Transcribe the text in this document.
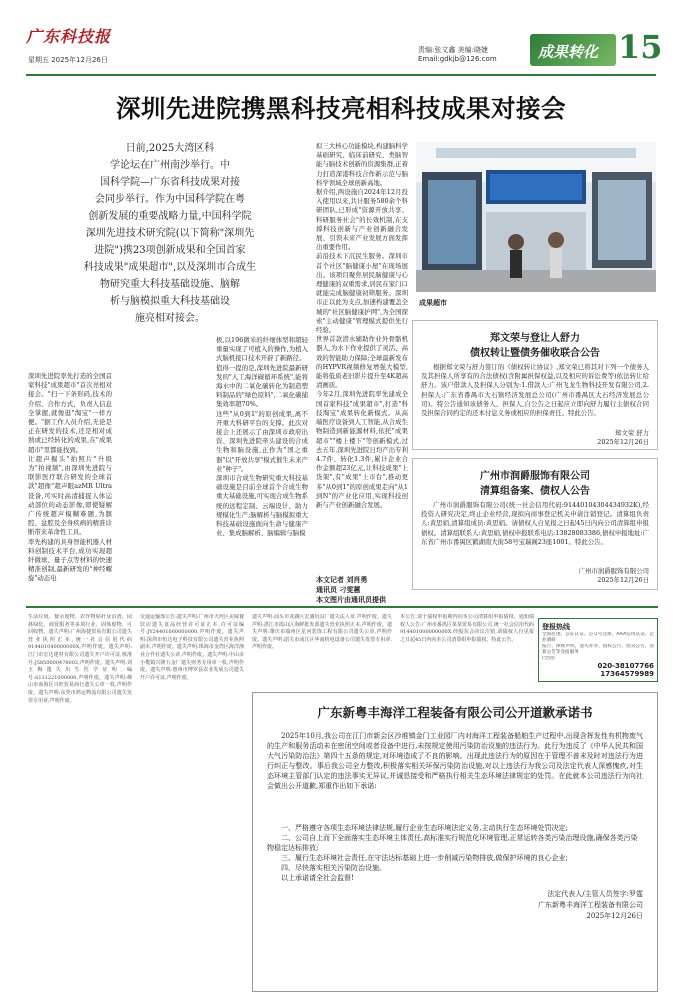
广东科技报
星期五 2025年12月26日
责编:张文鑫 美编:晓婕
Email:gdkjb@126.com	成果转化 15
深圳先进院携黑科技亮相科技成果对接会
日前,2025大湾区科
学论坛在广州南沙举行。中
国科学院—广东省科技成果对接
会同步举行。作为中国科学院在粤
创新发展的重要战略力量,中国科学院
深圳先进技术研究院(以下简称"深圳先
进院")携23项创新成果和全国首家
科技成果"成果超市",以及深圳市合成生
物研究重大科技基础设施、脑解
析与脑模拟重大科技基础设
施亮相对接会。
深圳先进院率先打造的全国首家科技"成果超市"首次亮相对接会。"扫一下条形码,技术的介绍、合作方式、负责人信息全掌握,就像逛"淘宝"一样方便。"据工作人员介绍,无论是正在研发的技术,还是相对成熟或已经转化的成果,在"成果超市"里都能找到。
让超声掘头"拍照片"升级为"拍视频",由深圳先进院与联影医疗联合研发的全球首款"超像"超声眼azMR Ultra设备,可实时高清捕捉人体运动部位的动态影像,即使疑解广传统超声模糊难题,为髌腔、盆腔及全身疾病的精准诊断带来革命性工具。
率先构建的具身智能机器人材料创制技术平台,成功实现超纤微球、量子点等材料的快速精准创制,最新研发的"神经螺旋"动态电
极,以196微米的纤细体型和超轻重量实现了可植入的操作,为植入式脑机接口技术开辟了新路径。
值得一提的是,深圳先进院最新研发的"人工海洋碳循环系统",能将海水中的二氧化碳转化为制造塑料制品的"绿色原料",二氧化碳捕集效率超70%。
这些"从0到1"的原创成果,离不开重大科研平台的支撑。此次对接会上还展示了由深圳市政府出资、深圳先进院牵头建设的合成生物和脑设施,正作为"国之重器"以"开放共享"模式催生未来产业"种子"。
深圳市合成生物研究重大科技基础设施是目前全球首个合成生物重大基础设施,可实现合成生物系统的远程定制、云端设计、助力规模化生产;脑解析与脑模拟重大科技基础设施面向生命与健康产业、集成脑解析、脑编辑与脑模
拟三大核心功能模块,构建脑科学基础研究、临床前研究、类脑智能与脑技术创新的资源集群,正着力打造深港科技合作新示范与脑科学领域全球创新高地。
据介绍,两设施自2024年12月投入使用以来,共计服务580余个科研团队,已形成"资源开放共享、科研服务社会"的长效机制,在支撑科技创新与产业创新融合发展、引领未来产业发展方面发挥出重要作用。
前沿技术下沉民生服务。深圳市首个社区"脑健康小屋"在现场展出。该项目聚焦居民脑健康与心理健康的双重需求,居民在家门口就能完成脑健康初筛服务。深圳市正以此为支点,加速构建覆盖全城的"社区脑健康护网",为全国探索"主动健康"管理模式提供先行经验。
世界首款潜水辅助作业外骨骼机器人,为水下作业提供了灵活、高效的智能助力保障;全球最新发布的HYPVR视频修复增强大模型,能将低质老旧影片提升至4K超高清画质。
今年2月,深圳先进院率先建成全国首家科技"成果超市",打造"科技淘宝"成果转化新模式。从高端医疗设备到人工智能,从合成生物制造到新能源材料,依托"成果超市""楼上楼下"等创新模式,过去五年,深圳先进院日均产出专利4.7件、转化1.3件,累计企业合作金额超23亿元,让科技成果"上货架",有"成果"上市台",推动更多"从0到1"的原创成果走向"从1到N"的产业化应用,实现科技创新与产业创新融合发展。
本文记者 刘肖勇
通讯员 刁雯蕙
本文图片由通讯员提供
成果超市
郑文荣与登让人舒力
债权转让暨债务催收联合公告
根据郑文荣与舒力签订的《债权转让协议》,郑文荣已将其对下列一个债务人及其担保人所享有的合法债权(含附属担保权益,以及相应的诉讼费等)依法转让给舒力。该户借款人及担保人分别为:1.借款人:广州飞龙生物科技开发有限公司,2.担保人:广东省番禺市大石镇经济发展总公司(广州市番禺区大石经济发展总公司)。特公告通知该债务人、担保人,自公告之日起应立即向舒力履行主债权合同及担保合同约定的还本付息义务或相应的担保责任。特此公告。
郑文荣 舒力
2025年12月26日
广州市润爵服饰有限公司
清算组备案、债权人公告
广州市润爵服饰有限公司(统一社会信用代码:91440104304434932K),经投资人研究决定,终止企业经营,现拟向商事登记机关申请注销登记。清算组负责人:黄思娟,清算组成员:黄思娟。请债权人自见报之日起45日内向公司清算组申报债权。清算组联系人:黄思娟,债权申报联系电话:13828083386,债权申报地址:广东省广州市番禺区鹤湖南大街58号宝瑞阁23座1001。特此公告。
广州市润爵服饰有限公司
2025年12月26日
生活垃圾、餐余废物、农作物秸秆及沼渣、园林绿化、商贸服务等多项行业、固体废物、可回收物。遗失声明:广州海捷贸易有限公司遗失营业执照正本,统一社会信用代码914401040000000X,声明作废。遗失声明:江门市宏达建材有限公司遗失开户许可证,核准号:J5850000478002,声明作废。遗失声明:刘玉梅遗失出生医学证明,编号:S131221000000,声明作废。遗失声明:佛山市南海区兴旺贸易商行遗失公章一枚,声明作废。遗失声明:东莞市鸿运物流有限公司遗失发票专用章,声明作废。
交通运输部公告:遗失声明:广州市天河区美味餐饮店遗失食品经营许可证正本,许可证编号:JY24401060000000,声明作废。遗失声明:深圳市恒达电子科技有限公司遗失营业执照副本,声明作废。遗失声明:珠海市金湾区海洋渔业合作社遗失公章,声明作废。遗失声明:中山市小榄镇兴隆五金厂遗失财务专用章一枚,声明作废。遗失声明:惠州市博罗县农业发展公司遗失开户许可证,声明作废。
遗失声明:汕头市龙湖区宏盛玩具厂遗失法人章,声明作废。遗失声明:湛江市霞山区海鲜批发部遗失营业执照正本,声明作废。遗失声明:肇庆市端州区星河装饰工程有限公司遗失公章,声明作废。遗失声明:韶关市浈江区华南机电设备公司遗失发票专用章,声明作废。
本公告,请于债权申报期内向本公司清算组申报债权。通知债权人公告:广州市番禺区某某贸易有限公司,统一社会信用代码914401000000000X,经股东会决议注销,请债权人自见报之日起45日内向本公司清算组申报债权。特此公告。
登报热线
全国范围、公证认证、公众号注册、AAA信用认证、企业调研
报告、律师声明、遗失补办、债权公告、拍卖公告、清算公告等登报服务
(全国)
020-38107766
17364579989
广东新粤丰海洋工程装备有限公司公开道歉承诺书
2025年10月,我公司在江门市新会区沙堆镇金门工业园厂内对海洋工程装备船舶生产过程中,出现含挥发性有机物废气的生产和服务活动未在密闭空间或者设备中进行,未按规定使用污染防治设施的违法行为。此行为违反了《中华人民共和国大气污染防治法》第四十五条的规定,对环境造成了不良的影响。出现此违法行为的原因在于管理不善未及时对违法行为进行纠正与整改。事后我公司全力整改,积极落实相关环保污染防治设施,对以上违法行为我公司及法定代表人深感愧疚,对生态环境主管部门认定的违法事实无异议,并诚恳接受和严格执行相关生态环境法律规定的处罚。在此就本公司违法行为向社会做出公开道歉,郑重作出如下承诺:
一、严格遵守各项生态环境法律法规,履行企业生态环境法定义务,主动执行生态环境处罚决定;
二、公司自上而下全面落实生态环境主体责任,高标准实行规范化环境管理,正常运转各类污染治理设施,确保各类污染物稳定达标排放;
三、履行生态环境社会责任,在守法达标基础上进一步削减污染物排放,做保护环境的良心企业;
四、尽快落实相关污染防治设施。
以上承诺请全社会监督!
法定代表人/主管人员签字:罗霆
广东新粤丰海洋工程装备有限公司
2025年12月26日
